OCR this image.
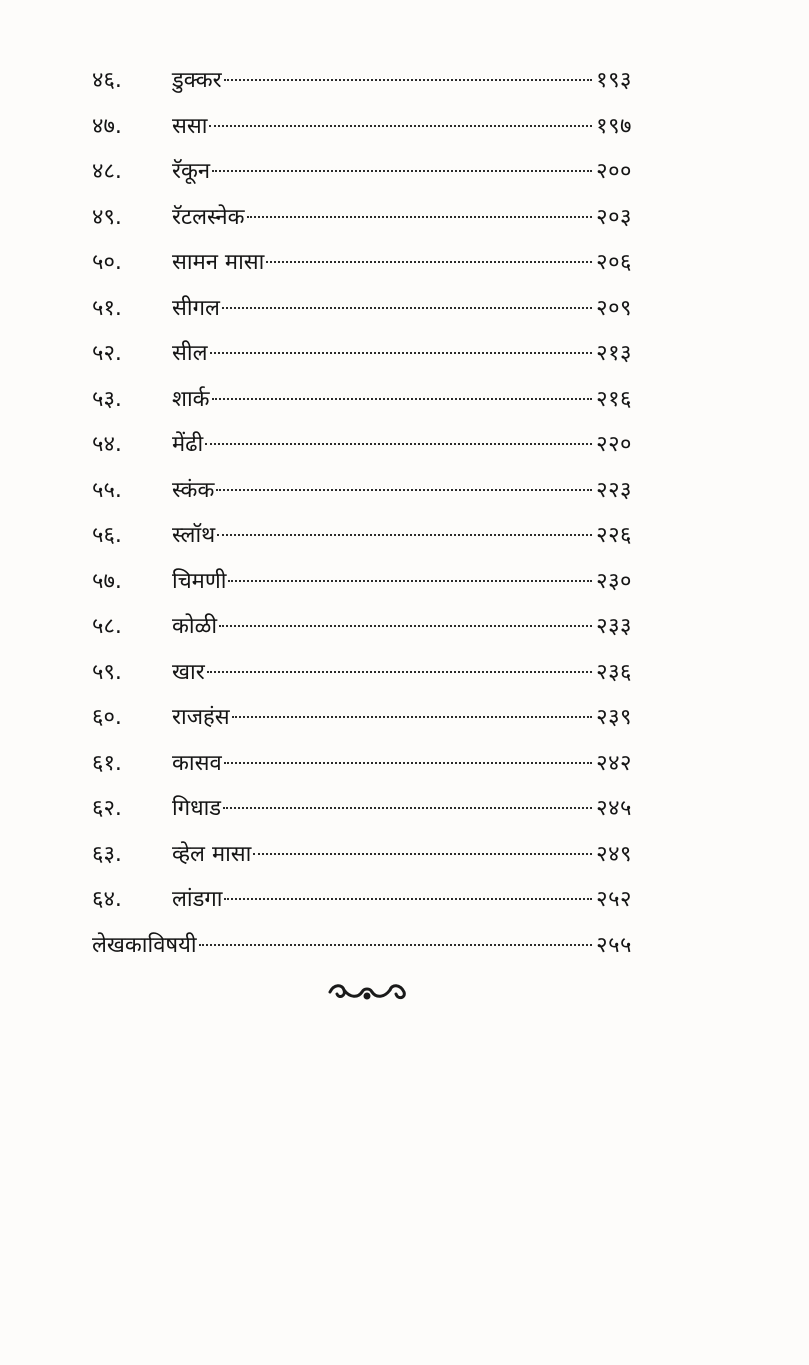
४६.	डुक्कर	१९३
४७.	ससा	१९७
४८.	रॅकून	२००
४९.	रॅटलस्नेक	२०३
५०.	सामन मासा	२०६
५१.	सीगल	२०९
५२.	सील	२१३
५३.	शार्क	२१६
५४.	मेंढी	२२०
५५.	स्कंक	२२३
५६.	स्लॉथ	२२६
५७.	चिमणी	२३०
५८.	कोळी	२३३
५९.	खार	२३६
६०.	राजहंस	२३९
६१.	कासव	२४२
६२.	गिधाड	२४५
६३.	व्हेल मासा	२४९
६४.	लांडगा	२५२
लेखकाविषयी	२५५
